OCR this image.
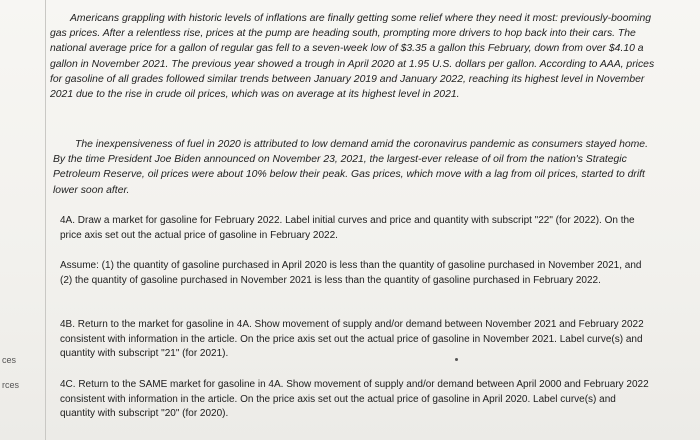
ces
rces

Americans grappling with historic levels of inflations are finally getting some relief where they need it most: previously-booming gas prices. After a relentless rise, prices at the pump are heading south, prompting more drivers to hop back into their cars. The national average price for a gallon of regular gas fell to a seven-week low of $3.35 a gallon this February, down from over $4.10 a gallon in November 2021. The previous year showed a trough in April 2020 at 1.95 U.S. dollars per gallon. According to AAA, prices for gasoline of all grades followed similar trends between January 2019 and January 2022, reaching its highest level in November 2021 due to the rise in crude oil prices, which was on average at its highest level in 2021.

The inexpensiveness of fuel in 2020 is attributed to low demand amid the coronavirus pandemic as consumers stayed home. By the time President Joe Biden announced on November 23, 2021, the largest-ever release of oil from the nation's Strategic Petroleum Reserve, oil prices were about 10% below their peak. Gas prices, which move with a lag from oil prices, started to drift lower soon after.

4A. Draw a market for gasoline for February 2022. Label initial curves and price and quantity with subscript "22" (for 2022). On the price axis set out the actual price of gasoline in February 2022.

Assume: (1) the quantity of gasoline purchased in April 2020 is less than the quantity of gasoline purchased in November 2021, and (2) the quantity of gasoline purchased in November 2021 is less than the quantity of gasoline purchased in February 2022.

4B. Return to the market for gasoline in 4A. Show movement of supply and/or demand between November 2021 and February 2022 consistent with information in the article. On the price axis set out the actual price of gasoline in November 2021. Label curve(s) and quantity with subscript "21" (for 2021).

4C. Return to the SAME market for gasoline in 4A. Show movement of supply and/or demand between April 2000 and February 2022 consistent with information in the article. On the price axis set out the actual price of gasoline in April 2020. Label curve(s) and quantity with subscript "20" (for 2020).
